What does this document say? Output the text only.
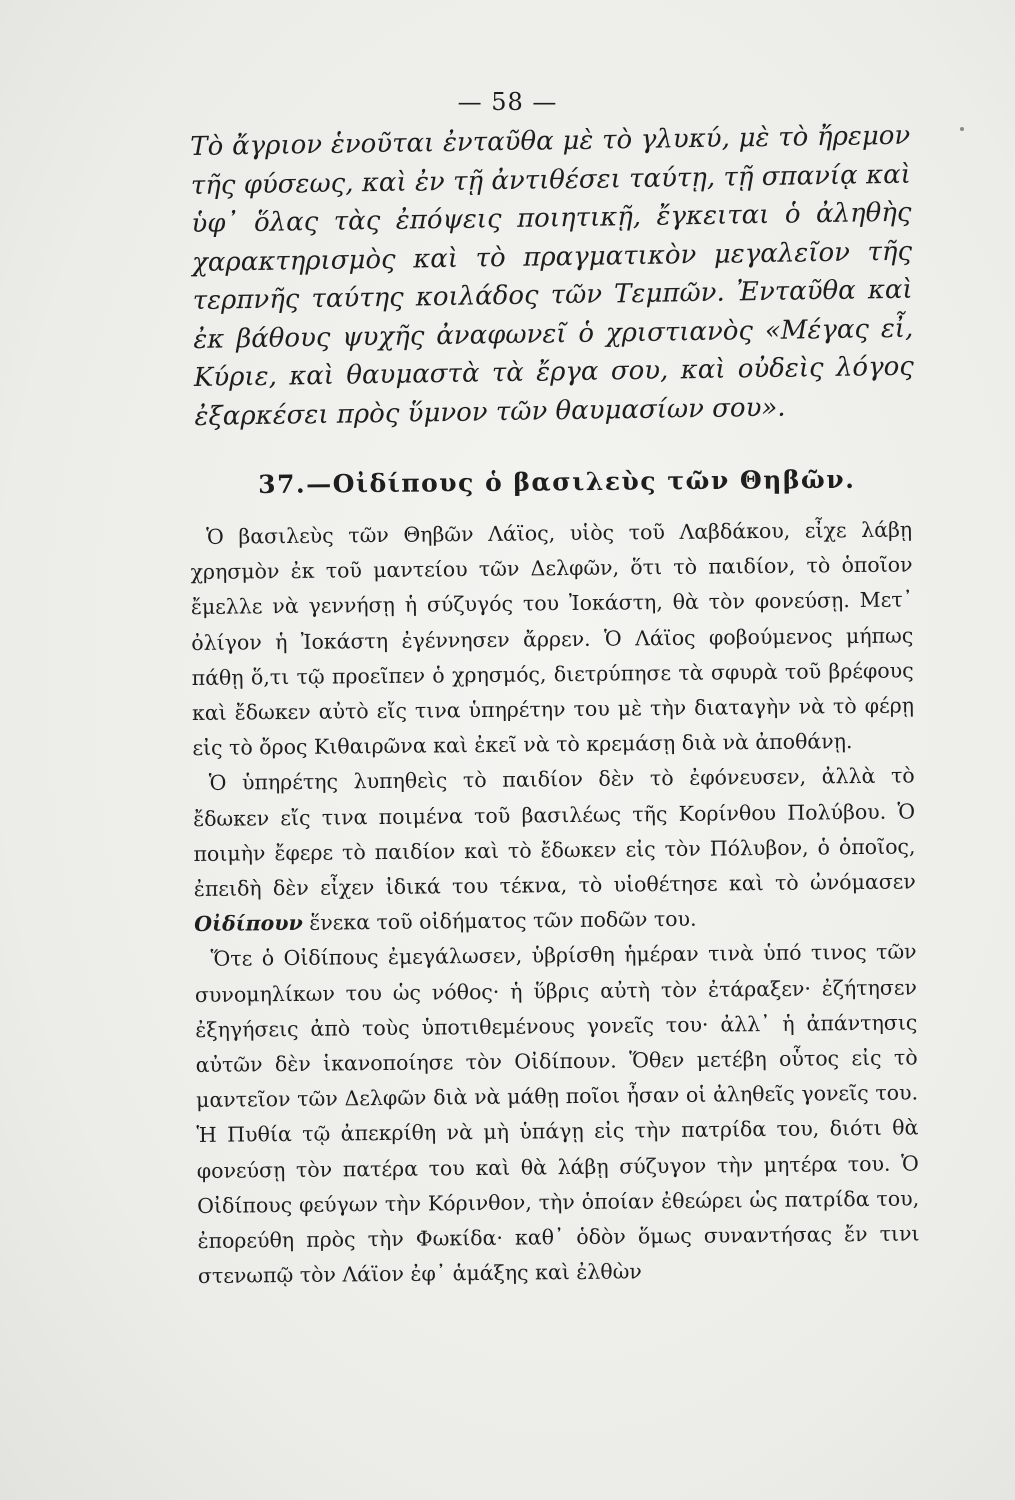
— 58 —
Τὸ ἄγριον ἑνοῦται ἐνταῦθα μὲ τὸ γλυκύ, μὲ τὸ ἤρεμον τῆς φύσεως, καὶ ἐν τῇ ἀντιθέσει ταύτῃ, τῇ σπανίᾳ καὶ ὑφ᾽ ὅλας τὰς ἐπόψεις ποιητικῇ, ἔγκειται ὁ ἀληθὴς χαρακτηρισμὸς καὶ τὸ πραγματικὸν μεγαλεῖον τῆς τερπνῆς ταύτης κοιλάδος τῶν Τεμπῶν. Ἐνταῦθα καὶ ἐκ βάθους ψυχῆς ἀναφωνεῖ ὁ χριστιανὸς «Μέγας εἶ, Κύριε, καὶ θαυμαστὰ τὰ ἔργα σου, καὶ οὐδεὶς λόγος ἐξαρκέσει πρὸς ὕμνον τῶν θαυμασίων σου».
37.—Οἰδίπους ὁ βασιλεὺς τῶν Θηβῶν.

Ὁ βασιλεὺς τῶν Θηβῶν Λάϊος, υἱὸς τοῦ Λαβδάκου, εἶχε λάβῃ χρησμὸν ἐκ τοῦ μαντείου τῶν Δελφῶν, ὅτι τὸ παιδίον, τὸ ὁποῖον ἔμελλε νὰ γεννήσῃ ἡ σύζυγός του Ἰοκάστη, θὰ τὸν φονεύσῃ. Μετ᾽ ὀλίγον ἡ Ἰοκάστη ἐγέννησεν ἄρρεν. Ὁ Λάϊος φοβούμενος μήπως πάθῃ ὅ,τι τῷ προεῖπεν ὁ χρησμός, διετρύπησε τὰ σφυρὰ τοῦ βρέφους καὶ ἔδωκεν αὐτὸ εἴς τινα ὑπηρέτην του μὲ τὴν διαταγὴν νὰ τὸ φέρῃ εἰς τὸ ὄρος Κιθαιρῶνα καὶ ἐκεῖ νὰ τὸ κρεμάσῃ διὰ νὰ ἀποθάνῃ.

Ὁ ὑπηρέτης λυπηθεὶς τὸ παιδίον δὲν τὸ ἐφόνευσεν, ἀλλὰ τὸ ἔδωκεν εἴς τινα ποιμένα τοῦ βασιλέως τῆς Κορίνθου Πολύβου. Ὁ ποιμὴν ἔφερε τὸ παιδίον καὶ τὸ ἔδωκεν εἰς τὸν Πόλυβον, ὁ ὁποῖος, ἐπειδὴ δὲν εἶχεν ἰδικά του τέκνα, τὸ υἱοθέτησε καὶ τὸ ὠνόμασεν Οἰδίπουν ἕνεκα τοῦ οἰδήματος τῶν ποδῶν του.

Ὅτε ὁ Οἰδίπους ἐμεγάλωσεν, ὑβρίσθη ἡμέραν τινὰ ὑπό τινος τῶν συνομηλίκων του ὡς νόθος· ἡ ὕβρις αὐτὴ τὸν ἐτάραξεν· ἐζήτησεν ἐξηγήσεις ἀπὸ τοὺς ὑποτιθεμένους γονεῖς του· ἀλλ᾽ ἡ ἀπάντησις αὐτῶν δὲν ἱκανοποίησε τὸν Οἰδίπουν. Ὅθεν μετέβη οὗτος εἰς τὸ μαντεῖον τῶν Δελφῶν διὰ νὰ μάθῃ ποῖοι ἦσαν οἱ ἀληθεῖς γονεῖς του. Ἡ Πυθία τῷ ἀπεκρίθη νὰ μὴ ὑπάγῃ εἰς τὴν πατρίδα του, διότι θὰ φονεύσῃ τὸν πατέρα του καὶ θὰ λάβῃ σύζυγον τὴν μητέρα του. Ὁ Οἰδίπους φεύγων τὴν Κόρινθον, τὴν ὁποίαν ἐθεώρει ὡς πατρίδα του, ἐπορεύθη πρὸς τὴν Φωκίδα· καθ᾽ ὁδὸν ὅμως συναντήσας ἔν τινι στενωπῷ τὸν Λάϊον ἐφ᾽ ἁμάξης καὶ ἐλθὼν
